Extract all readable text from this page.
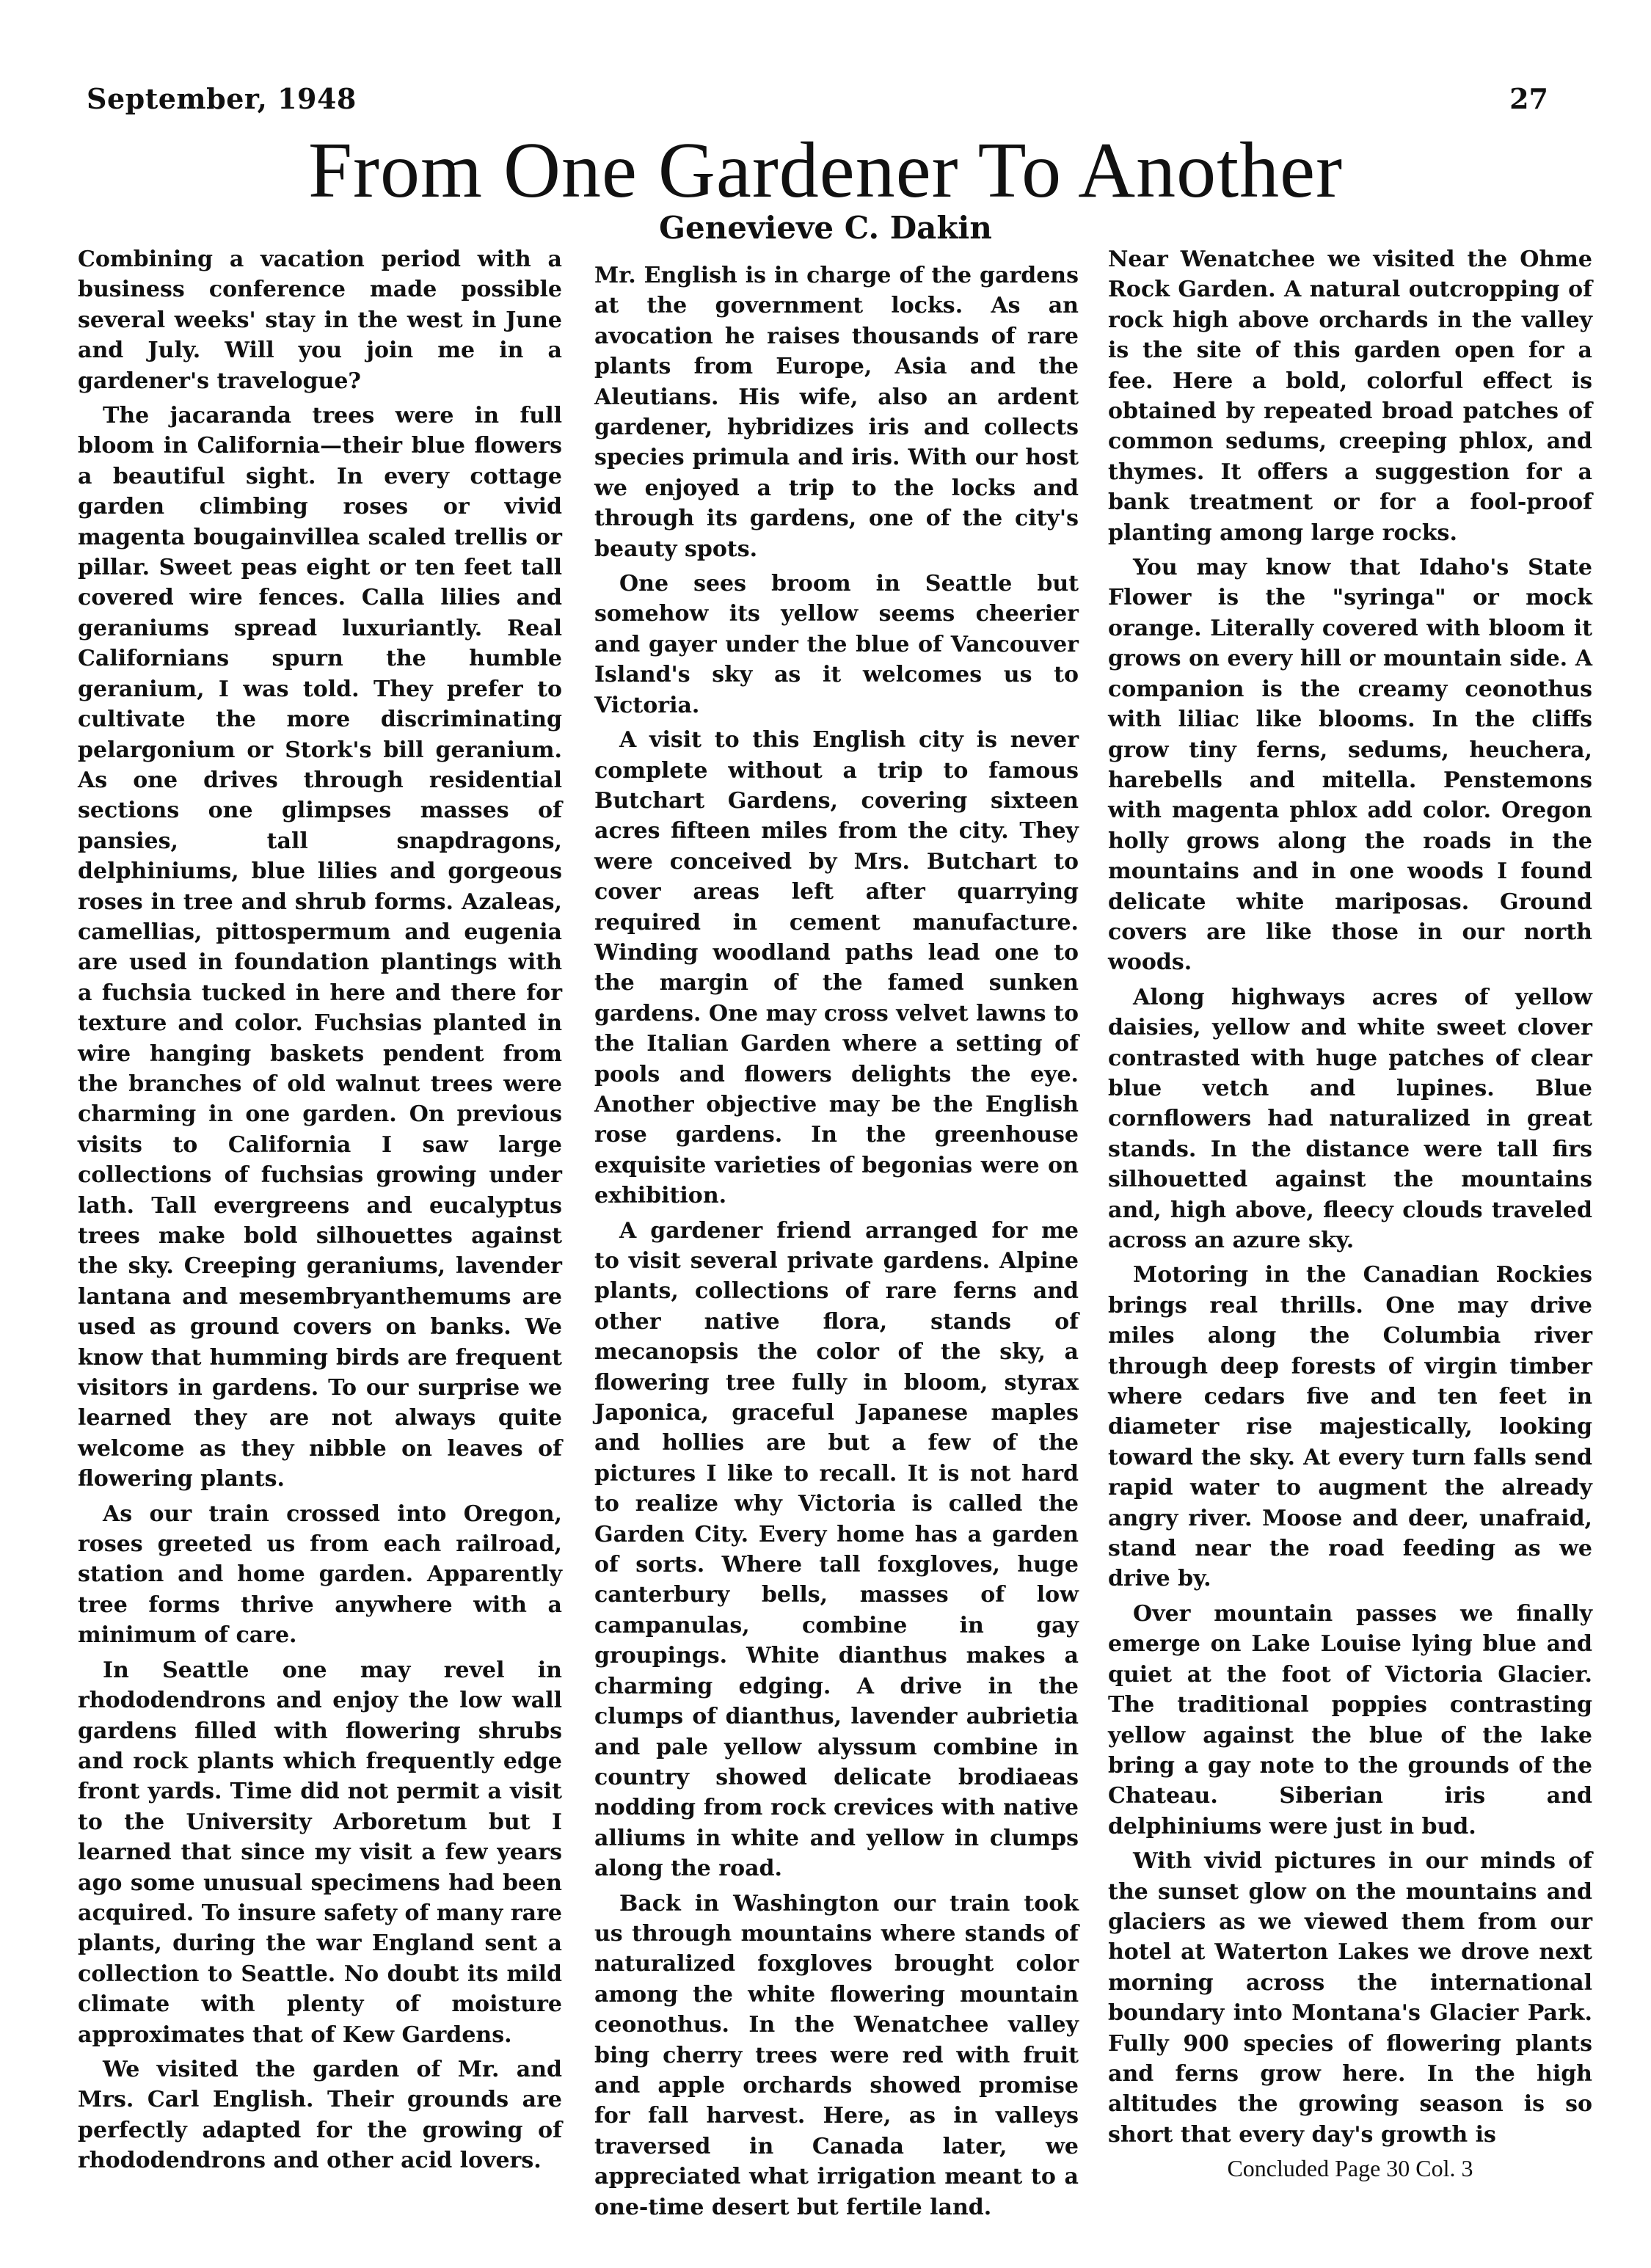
September, 1948	27
From One Gardener To Another
Genevieve C. Dakin

Combining a vacation period with a business conference made possible several weeks' stay in the west in June and July. Will you join me in a gardener's travelogue?

The jacaranda trees were in full bloom in California—their blue flowers a beautiful sight. In every cottage garden climbing roses or vivid magenta bougainvillea scaled trellis or pillar. Sweet peas eight or ten feet tall covered wire fences. Calla lilies and geraniums spread luxuriantly. Real Californians spurn the humble geranium, I was told. They prefer to cultivate the more discriminating pelargonium or Stork's bill geranium. As one drives through residential sections one glimpses masses of pansies, tall snapdragons, delphiniums, blue lilies and gorgeous roses in tree and shrub forms. Azaleas, camellias, pittospermum and eugenia are used in foundation plantings with a fuchsia tucked in here and there for texture and color. Fuchsias planted in wire hanging baskets pendent from the branches of old walnut trees were charming in one garden. On previous visits to California I saw large collections of fuchsias growing under lath. Tall evergreens and eucalyptus trees make bold silhouettes against the sky. Creeping geraniums, lavender lantana and mesembryanthemums are used as ground covers on banks. We know that humming birds are frequent visitors in gardens. To our surprise we learned they are not always quite welcome as they nibble on leaves of flowering plants.

As our train crossed into Oregon, roses greeted us from each railroad, station and home garden. Apparently tree forms thrive anywhere with a minimum of care.

In Seattle one may revel in rhododendrons and enjoy the low wall gardens filled with flowering shrubs and rock plants which frequently edge front yards. Time did not permit a visit to the University Arboretum but I learned that since my visit a few years ago some unusual specimens had been acquired. To insure safety of many rare plants, during the war England sent a collection to Seattle. No doubt its mild climate with plenty of moisture approximates that of Kew Gardens.

We visited the garden of Mr. and Mrs. Carl English. Their grounds are perfectly adapted for the growing of rhododendrons and other acid lovers.

Mr. English is in charge of the gardens at the government locks. As an avocation he raises thousands of rare plants from Europe, Asia and the Aleutians. His wife, also an ardent gardener, hybridizes iris and collects species primula and iris. With our host we enjoyed a trip to the locks and through its gardens, one of the city's beauty spots.

One sees broom in Seattle but somehow its yellow seems cheerier and gayer under the blue of Vancouver Island's sky as it welcomes us to Victoria.

A visit to this English city is never complete without a trip to famous Butchart Gardens, covering sixteen acres fifteen miles from the city. They were conceived by Mrs. Butchart to cover areas left after quarrying required in cement manufacture. Winding woodland paths lead one to the margin of the famed sunken gardens. One may cross velvet lawns to the Italian Garden where a setting of pools and flowers delights the eye. Another objective may be the English rose gardens. In the greenhouse exquisite varieties of begonias were on exhibition.

A gardener friend arranged for me to visit several private gardens. Alpine plants, collections of rare ferns and other native flora, stands of mecanopsis the color of the sky, a flowering tree fully in bloom, styrax Japonica, graceful Japanese maples and hollies are but a few of the pictures I like to recall. It is not hard to realize why Victoria is called the Garden City. Every home has a garden of sorts. Where tall foxgloves, huge canterbury bells, masses of low campanulas, combine in gay groupings. White dianthus makes a charming edging. A drive in the clumps of dianthus, lavender aubrietia and pale yellow alyssum combine in country showed delicate brodiaeas nodding from rock crevices with native alliums in white and yellow in clumps along the road.

Back in Washington our train took us through mountains where stands of naturalized foxgloves brought color among the white flowering mountain ceonothus. In the Wenatchee valley bing cherry trees were red with fruit and apple orchards showed promise for fall harvest. Here, as in valleys traversed in Canada later, we appreciated what irrigation meant to a one-time desert but fertile land.

Near Wenatchee we visited the Ohme Rock Garden. A natural outcropping of rock high above orchards in the valley is the site of this garden open for a fee. Here a bold, colorful effect is obtained by repeated broad patches of common sedums, creeping phlox, and thymes. It offers a suggestion for a bank treatment or for a fool-proof planting among large rocks.

You may know that Idaho's State Flower is the "syringa" or mock orange. Literally covered with bloom it grows on every hill or mountain side. A companion is the creamy ceonothus with liliac like blooms. In the cliffs grow tiny ferns, sedums, heuchera, harebells and mitella. Penstemons with magenta phlox add color. Oregon holly grows along the roads in the mountains and in one woods I found delicate white mariposas. Ground covers are like those in our north woods.

Along highways acres of yellow daisies, yellow and white sweet clover contrasted with huge patches of clear blue vetch and lupines. Blue cornflowers had naturalized in great stands. In the distance were tall firs silhouetted against the mountains and, high above, fleecy clouds traveled across an azure sky.

Motoring in the Canadian Rockies brings real thrills. One may drive miles along the Columbia river through deep forests of virgin timber where cedars five and ten feet in diameter rise majestically, looking toward the sky. At every turn falls send rapid water to augment the already angry river. Moose and deer, unafraid, stand near the road feeding as we drive by.

Over mountain passes we finally emerge on Lake Louise lying blue and quiet at the foot of Victoria Glacier. The traditional poppies contrasting yellow against the blue of the lake bring a gay note to the grounds of the Chateau. Siberian iris and delphiniums were just in bud.

With vivid pictures in our minds of the sunset glow on the mountains and glaciers as we viewed them from our hotel at Waterton Lakes we drove next morning across the international boundary into Montana's Glacier Park. Fully 900 species of flowering plants and ferns grow here. In the high altitudes the growing season is so short that every day's growth is

Concluded Page 30 Col. 3
